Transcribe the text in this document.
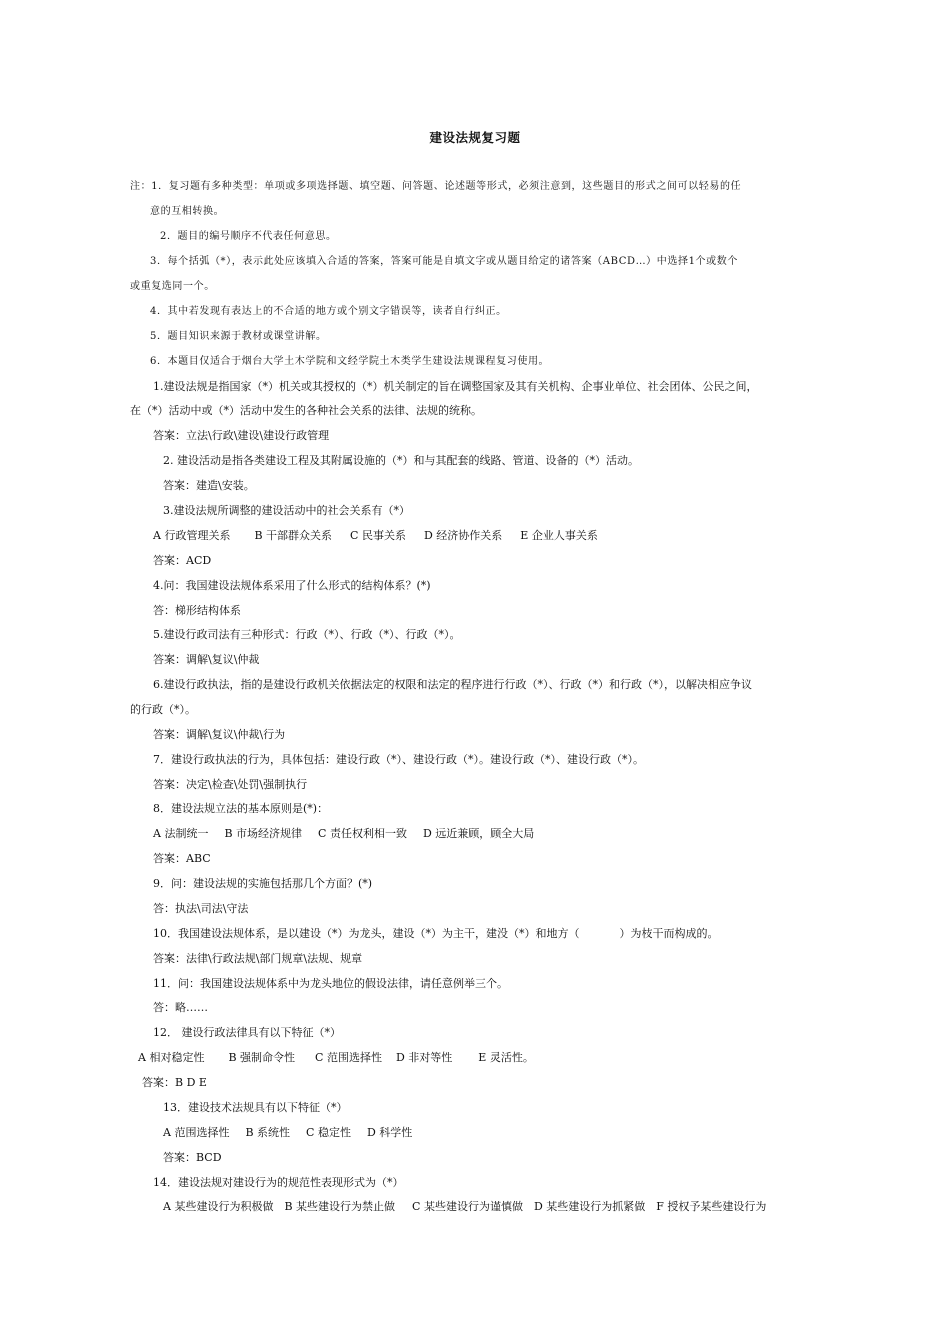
建设法规复习题
注：1．复习题有多种类型：单项或多项选择题、填空题、问答题、论述题等形式，必须注意到，这些题目的形式之间可以轻易的任
意的互相转换。
2．题目的编号顺序不代表任何意思。
3．每个括弧（*），表示此处应该填入合适的答案，答案可能是自填文字或从题目给定的诸答案（ABCD…）中选择1个或数个
或重复选同一个。
4．其中若发现有表达上的不合适的地方或个别文字错误等，读者自行纠正。
5．题目知识来源于教材或课堂讲解。
6．本题目仅适合于烟台大学土木学院和文经学院土木类学生建设法规课程复习使用。
1.建设法规是指国家（*）机关或其授权的（*）机关制定的旨在调整国家及其有关机构、企事业单位、社会团体、公民之间，
在（*）活动中或（*）活动中发生的各种社会关系的法律、法规的统称。
答案：立法\行政\建设\建设行政管理
2. 建设活动是指各类建设工程及其附属设施的（*）和与其配套的线路、管道、设备的（*）活动。
答案：建造\安装。
3.建设法规所调整的建设活动中的社会关系有（*）
A 行政管理关系 B 干部群众关系 C 民事关系 D 经济协作关系 E 企业人事关系
答案：ACD
4.问：我国建设法规体系采用了什么形式的结构体系？(*)
答：梯形结构体系
5.建设行政司法有三种形式：行政（*）、行政（*）、行政（*）。
答案：调解\复议\仲裁
6.建设行政执法，指的是建设行政机关依据法定的权限和法定的程序进行行政（*）、行政（*）和行政（*），以解决相应争议
的行政（*）。
答案：调解\复议\仲裁\行为
7．建设行政执法的行为，具体包括：建设行政（*）、建设行政（*）。建设行政（*）、建设行政（*）。
答案：决定\检查\处罚\强制执行
8．建设法规立法的基本原则是(*)：
A 法制统一 B 市场经济规律 C 责任权利相一致 D 远近兼顾，顾全大局
答案：ABC
9．问：建设法规的实施包括那几个方面？(*)
答：执法\司法\守法
10．我国建设法规体系，是以建设（*）为龙头，建设（*）为主干，建没（*）和地方（	）为枝干而构成的。
答案：法律\行政法规\部门规章\法规、规章
11．问：我国建设法规体系中为龙头地位的假设法律，请任意例举三个。
答：略……
12． 建设行政法律具有以下特征（*）
A 相对稳定性 B 强制命令性 C 范围选择性 D 非对等性 E 灵活性。
答案：B D E
13．建设技术法规具有以下特征（*）
A 范围选择性 B 系统性 C 稳定性 D 科学性
答案：BCD
14．建设法规对建设行为的规范性表现形式为（*）
A 某些建设行为积极做 B 某些建设行为禁止做 C 某些建设行为谨慎做 D 某些建设行为抓紧做 F 授权予某些建设行为
